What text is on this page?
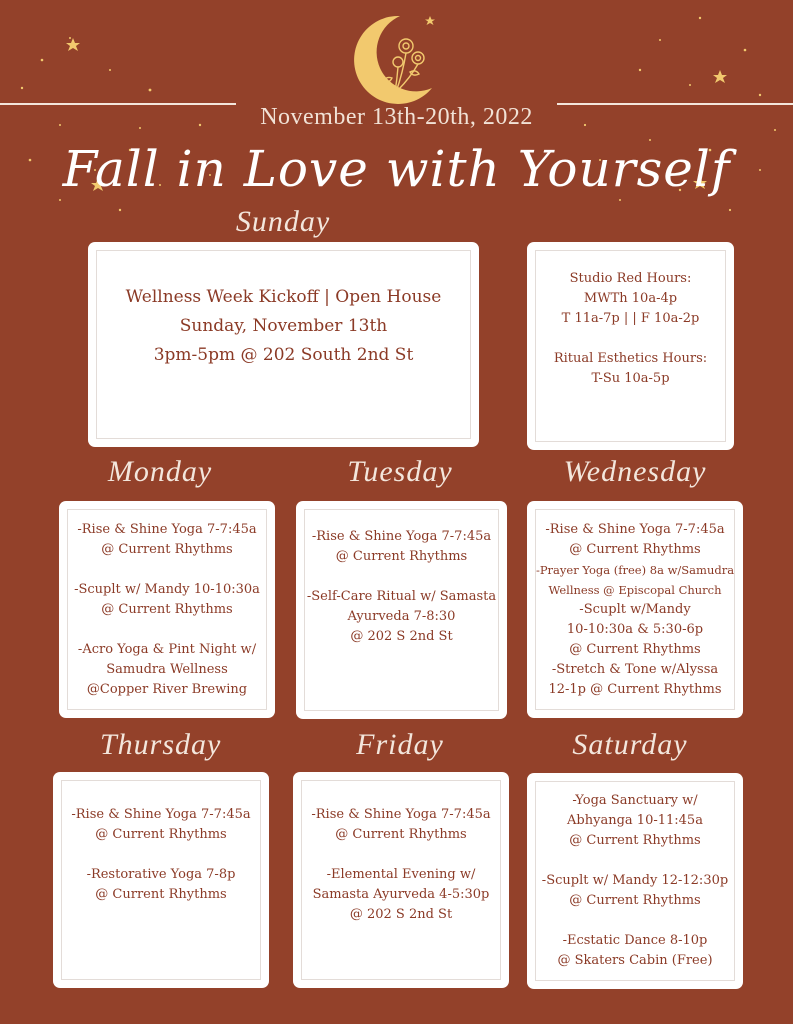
November 13th-20th, 2022
Fall in Love with Yourself
Sunday
Monday	Tuesday	Wednesday
Thursday	Friday	Saturday
Wellness Week Kickoff | Open House
Sunday, November 13th
3pm-5pm @ 202 South 2nd St
Studio Red Hours:
MWTh 10a-4p
T 11a-7p | | F 10a-2p
Ritual Esthetics Hours:
T-Su 10a-5p
-Rise & Shine Yoga 7-7:45a
@ Current Rhythms
-Scuplt w/ Mandy 10-10:30a
@ Current Rhythms
-Acro Yoga & Pint Night w/
Samudra Wellness
@Copper River Brewing
-Rise & Shine Yoga 7-7:45a
@ Current Rhythms
-Self-Care Ritual w/ Samasta
Ayurveda 7-8:30
@ 202 S 2nd St
-Rise & Shine Yoga 7-7:45a
@ Current Rhythms
-Prayer Yoga (free) 8a w/Samudra
Wellness @ Episcopal Church
-Scuplt w/Mandy
10-10:30a & 5:30-6p
@ Current Rhythms
-Stretch & Tone w/Alyssa
12-1p @ Current Rhythms
-Rise & Shine Yoga 7-7:45a
@ Current Rhythms
-Restorative Yoga 7-8p
@ Current Rhythms
-Rise & Shine Yoga 7-7:45a
@ Current Rhythms
-Elemental Evening w/
Samasta Ayurveda 4-5:30p
@ 202 S 2nd St
-Yoga Sanctuary w/
Abhyanga 10-11:45a
@ Current Rhythms
-Scuplt w/ Mandy 12-12:30p
@ Current Rhythms
-Ecstatic Dance 8-10p
@ Skaters Cabin (Free)
